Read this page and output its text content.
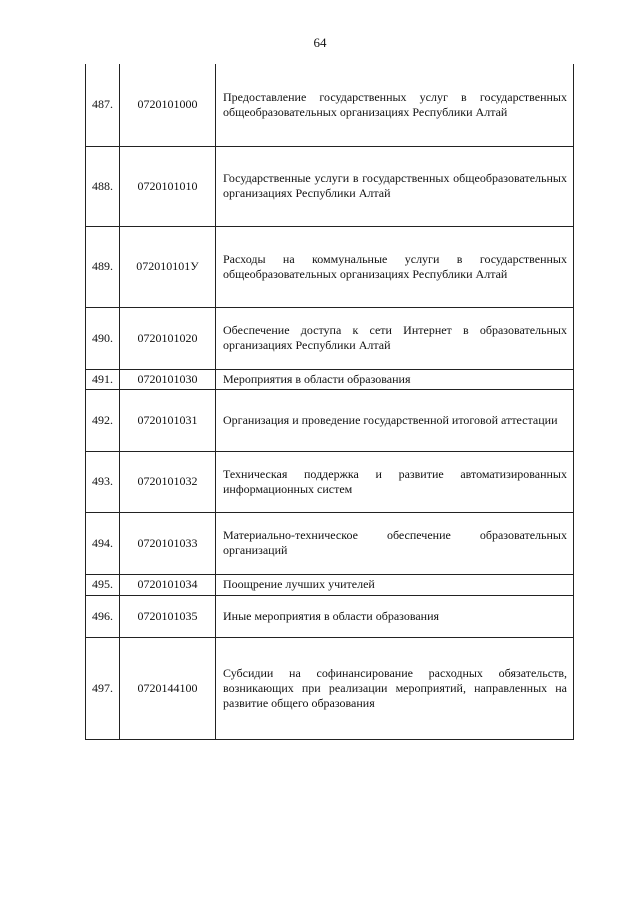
64
487.	0720101000	Предоставление государственных услуг в государственных общеобразовательных организациях Республики Алтай
488.	0720101010	Государственные услуги в государственных общеобразовательных организациях Республики Алтай
489.	072010101У	Расходы на коммунальные услуги в государственных общеобразовательных организациях Республики Алтай
490.	0720101020	Обеспечение доступа к сети Интернет в образовательных организациях Республики Алтай
491.	0720101030	Мероприятия в области образования
492.	0720101031	Организация и проведение государственной итоговой аттестации
493.	0720101032	Техническая поддержка и развитие автоматизированных информационных систем
494.	0720101033	Материально-техническое обеспечение образовательных организаций
495.	0720101034	Поощрение лучших учителей
496.	0720101035	Иные мероприятия в области образования
497.	0720144100	Субсидии на софинансирование расходных обязательств, возникающих при реализации мероприятий, направленных на развитие общего образования
